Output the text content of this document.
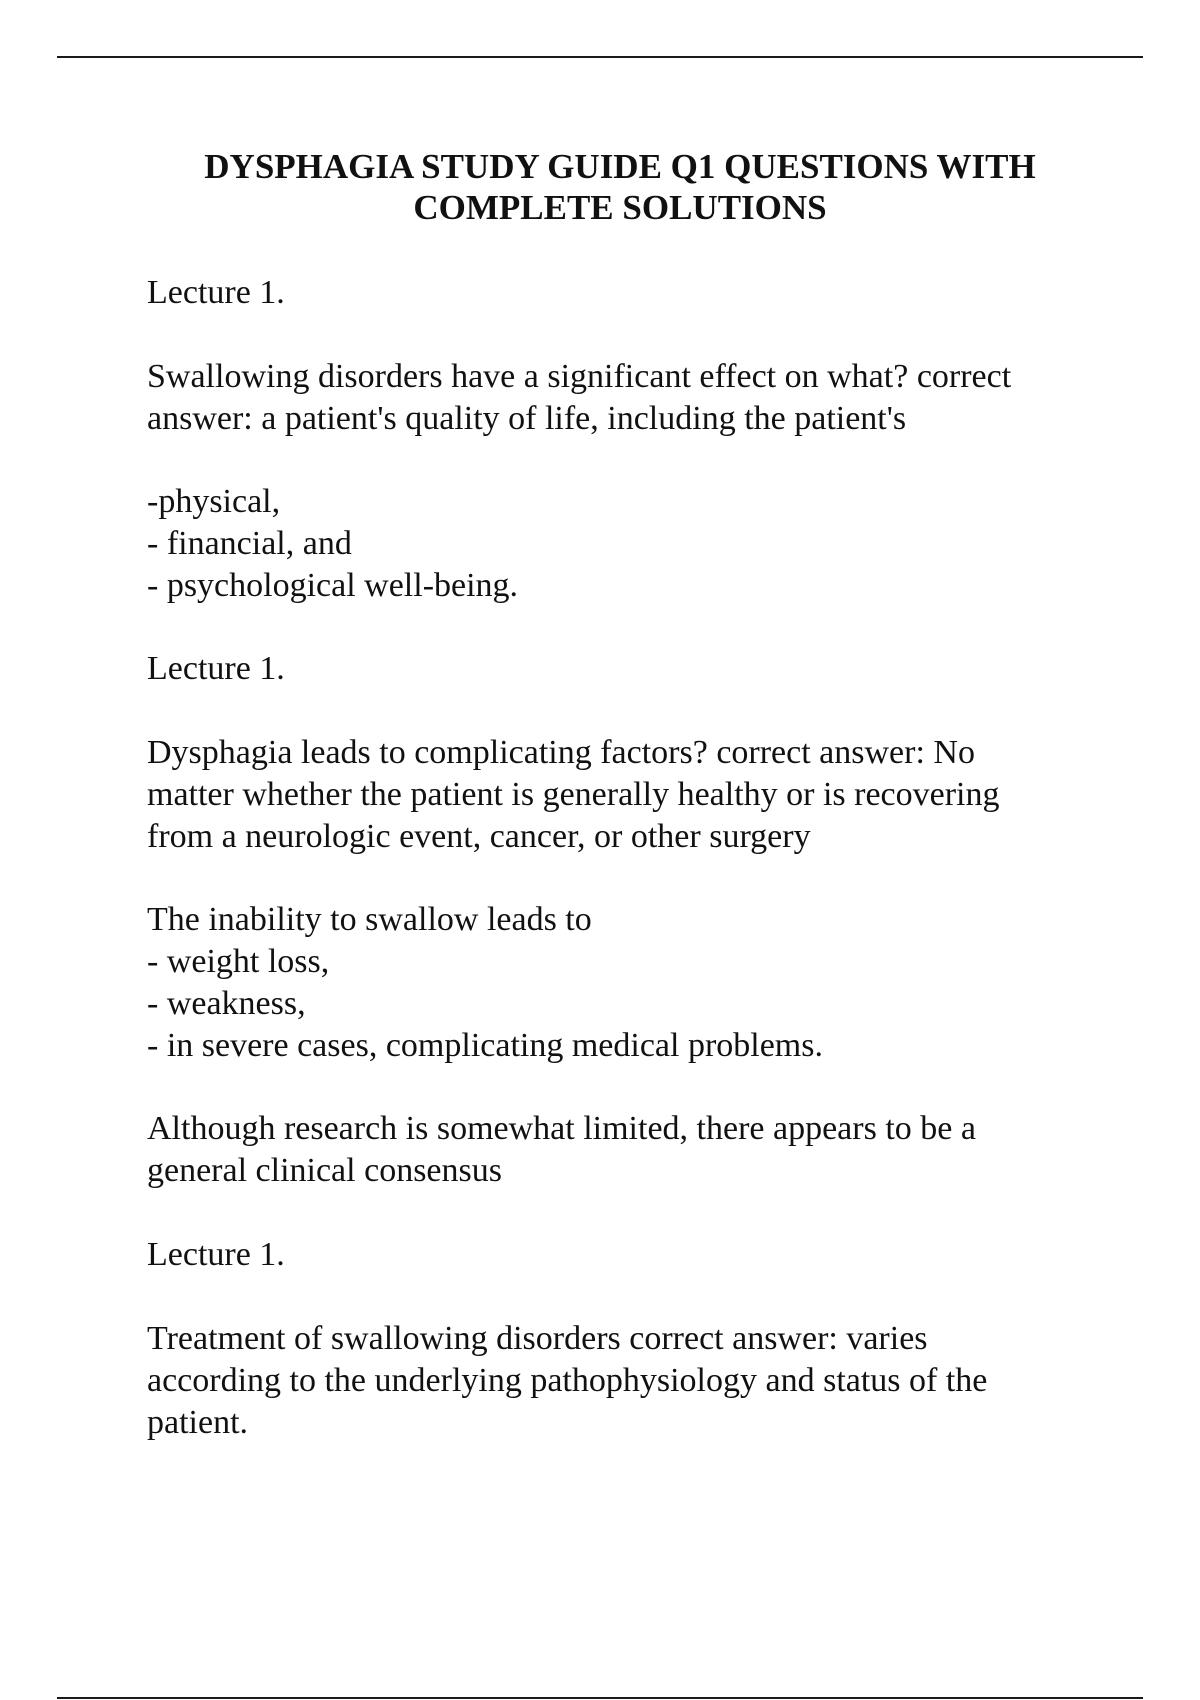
DYSPHAGIA STUDY GUIDE Q1 QUESTIONS WITH
COMPLETE SOLUTIONS

Lecture 1.

Swallowing disorders have a significant effect on what? correct
answer: a patient's quality of life, including the patient's

-physical,
- financial, and
- psychological well-being.

Lecture 1.

Dysphagia leads to complicating factors? correct answer: No
matter whether the patient is generally healthy or is recovering
from a neurologic event, cancer, or other surgery

The inability to swallow leads to
- weight loss,
- weakness,
- in severe cases, complicating medical problems.

Although research is somewhat limited, there appears to be a
general clinical consensus

Lecture 1.

Treatment of swallowing disorders correct answer: varies
according to the underlying pathophysiology and status of the
patient.
